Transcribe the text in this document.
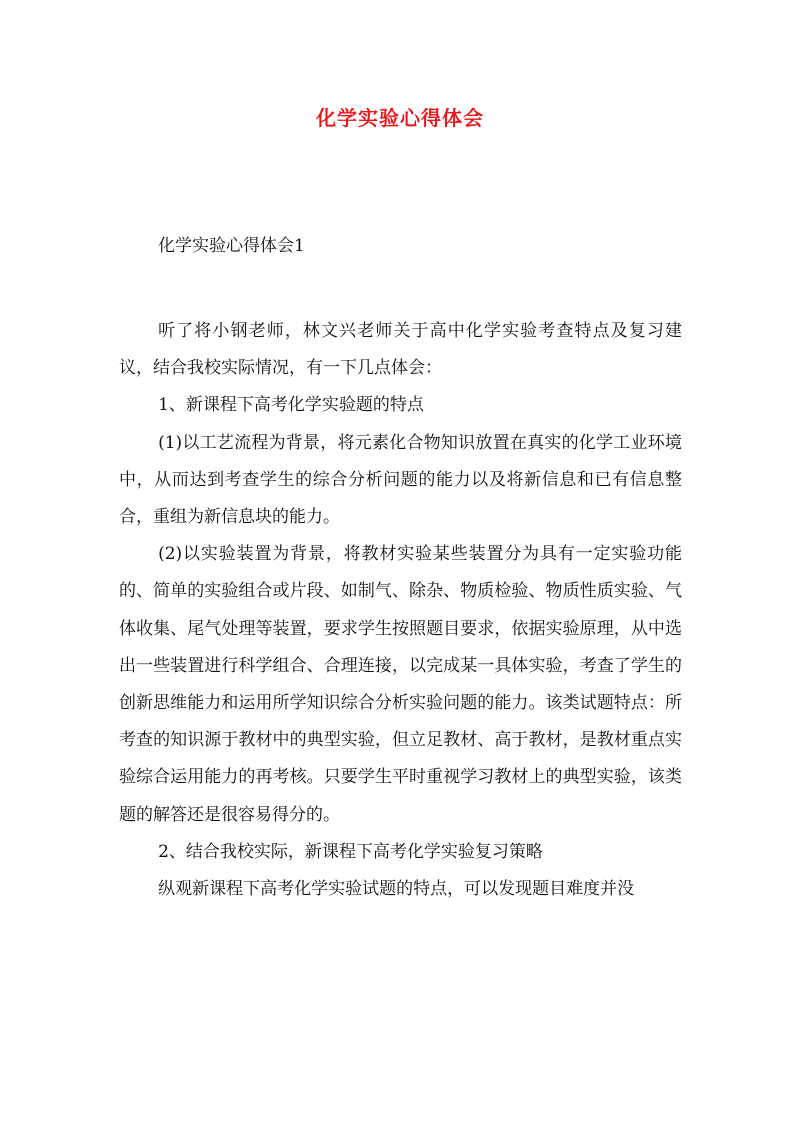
化学实验心得体会
化学实验心得体会1

听了将小钢老师，林文兴老师关于高中化学实验考查特点及复习建议，结合我校实际情况，有一下几点体会：

1、新课程下高考化学实验题的特点

(1)以工艺流程为背景，将元素化合物知识放置在真实的化学工业环境中，从而达到考查学生的综合分析问题的能力以及将新信息和已有信息整合，重组为新信息块的能力。

(2)以实验装置为背景，将教材实验某些装置分为具有一定实验功能的、简单的实验组合或片段、如制气、除杂、物质检验、物质性质实验、气体收集、尾气处理等装置，要求学生按照题目要求，依据实验原理，从中选出一些装置进行科学组合、合理连接，以完成某一具体实验，考查了学生的创新思维能力和运用所学知识综合分析实验问题的能力。该类试题特点：所考查的知识源于教材中的典型实验，但立足教材、高于教材，是教材重点实验综合运用能力的再考核。只要学生平时重视学习教材上的典型实验，该类题的解答还是很容易得分的。

2、结合我校实际，新课程下高考化学实验复习策略

纵观新课程下高考化学实验试题的特点，可以发现题目难度并没
